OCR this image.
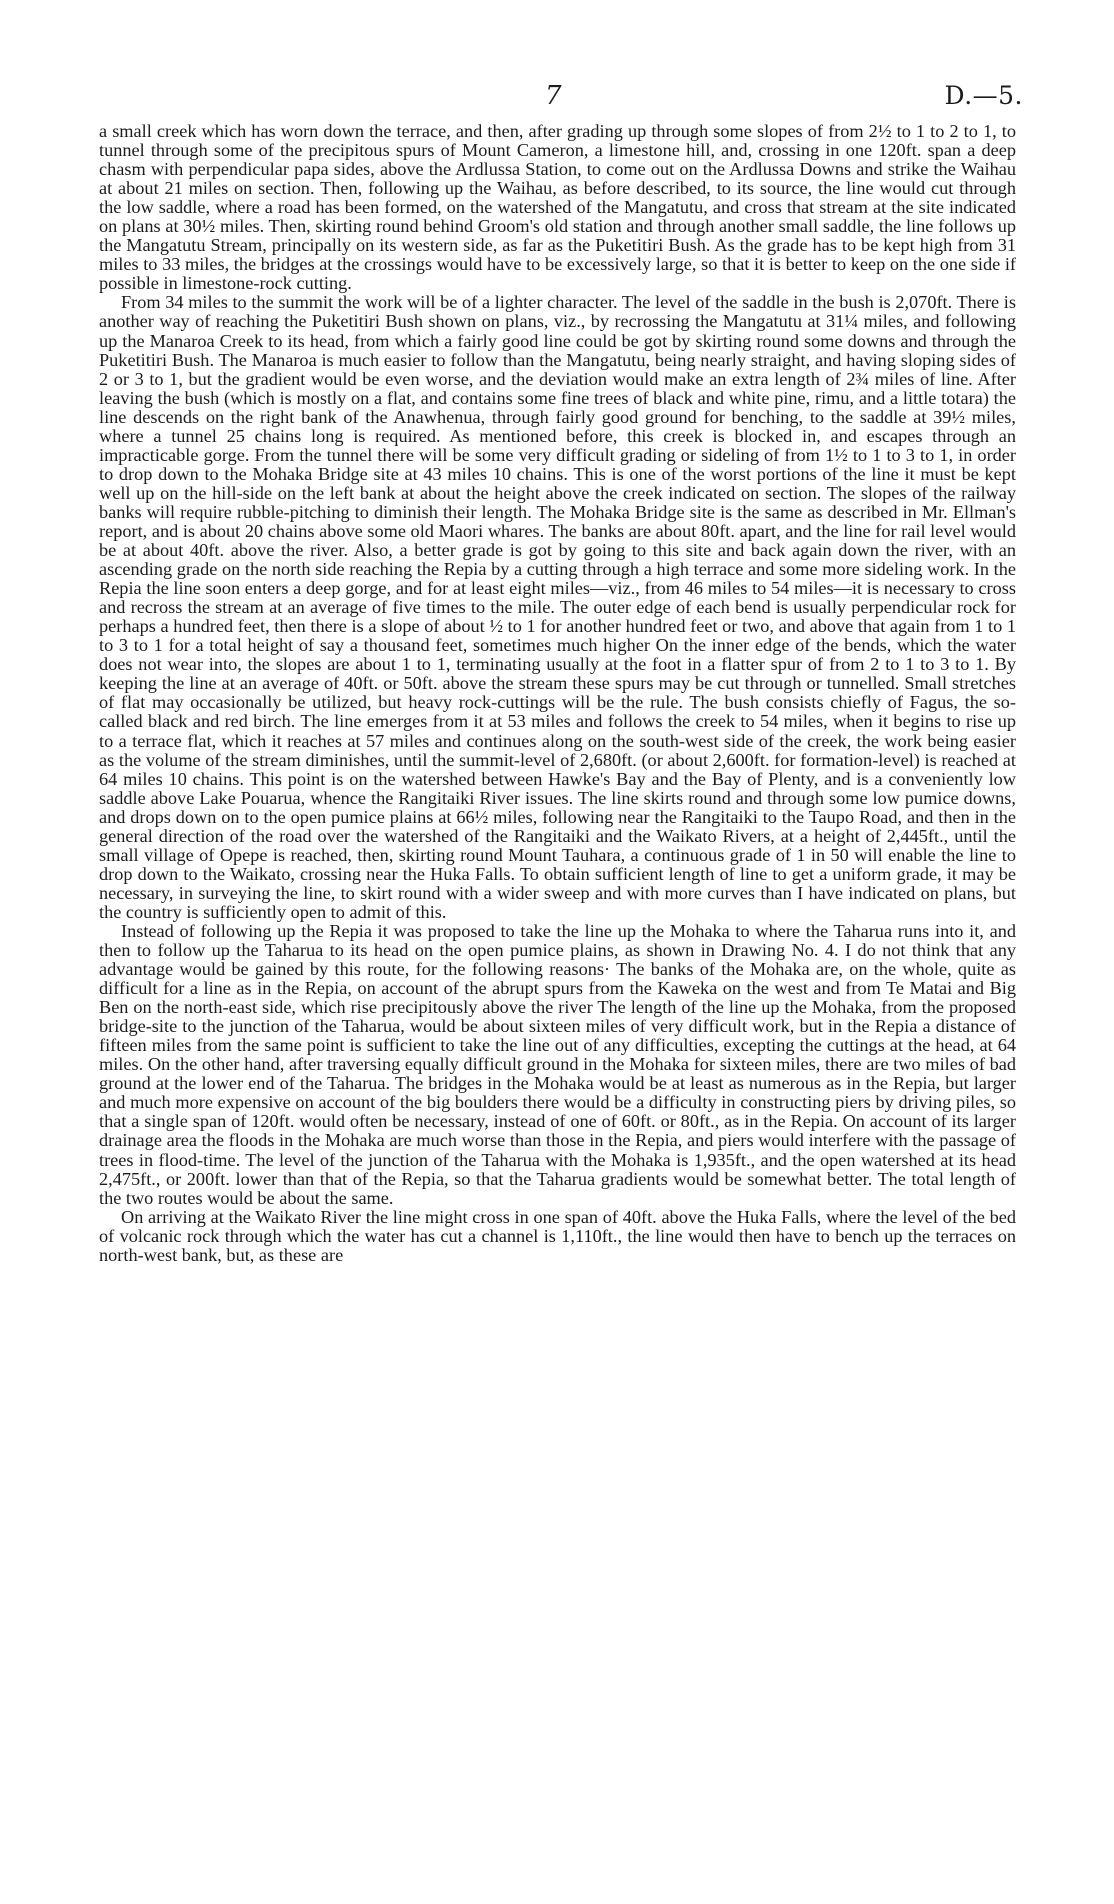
7	D.—5.

a small creek which has worn down the terrace, and then, after grading up through some slopes of from 2½ to 1 to 2 to 1, to tunnel through some of the precipitous spurs of Mount Cameron, a limestone hill, and, crossing in one 120ft. span a deep chasm with perpendicular papa sides, above the Ardlussa Station, to come out on the Ardlussa Downs and strike the Waihau at about 21 miles on section. Then, following up the Waihau, as before described, to its source, the line would cut through the low saddle, where a road has been formed, on the watershed of the Mangatutu, and cross that stream at the site indicated on plans at 30½ miles. Then, skirting round behind Groom's old station and through another small saddle, the line follows up the Mangatutu Stream, principally on its western side, as far as the Puketitiri Bush. As the grade has to be kept high from 31 miles to 33 miles, the bridges at the crossings would have to be excessively large, so that it is better to keep on the one side if possible in limestone-rock cutting.

From 34 miles to the summit the work will be of a lighter character. The level of the saddle in the bush is 2,070ft. There is another way of reaching the Puketitiri Bush shown on plans, viz., by recrossing the Mangatutu at 31¼ miles, and following up the Manaroa Creek to its head, from which a fairly good line could be got by skirting round some downs and through the Puketitiri Bush. The Manaroa is much easier to follow than the Mangatutu, being nearly straight, and having sloping sides of 2 or 3 to 1, but the gradient would be even worse, and the deviation would make an extra length of 2¾ miles of line. After leaving the bush (which is mostly on a flat, and contains some fine trees of black and white pine, rimu, and a little totara) the line descends on the right bank of the Anawhenua, through fairly good ground for benching, to the saddle at 39½ miles, where a tunnel 25 chains long is required. As mentioned before, this creek is blocked in, and escapes through an impracticable gorge. From the tunnel there will be some very difficult grading or sideling of from 1½ to 1 to 3 to 1, in order to drop down to the Mohaka Bridge site at 43 miles 10 chains. This is one of the worst portions of the line it must be kept well up on the hill-side on the left bank at about the height above the creek indicated on section. The slopes of the railway banks will require rubble-pitching to diminish their length. The Mohaka Bridge site is the same as described in Mr. Ellman's report, and is about 20 chains above some old Maori whares. The banks are about 80ft. apart, and the line for rail level would be at about 40ft. above the river. Also, a better grade is got by going to this site and back again down the river, with an ascending grade on the north side reaching the Repia by a cutting through a high terrace and some more sideling work. In the Repia the line soon enters a deep gorge, and for at least eight miles—viz., from 46 miles to 54 miles—it is necessary to cross and recross the stream at an average of five times to the mile. The outer edge of each bend is usually perpendicular rock for perhaps a hundred feet, then there is a slope of about ½ to 1 for another hundred feet or two, and above that again from 1 to 1 to 3 to 1 for a total height of say a thousand feet, sometimes much higher On the inner edge of the bends, which the water does not wear into, the slopes are about 1 to 1, terminating usually at the foot in a flatter spur of from 2 to 1 to 3 to 1. By keeping the line at an average of 40ft. or 50ft. above the stream these spurs may be cut through or tunnelled. Small stretches of flat may occasionally be utilized, but heavy rock-cuttings will be the rule. The bush consists chiefly of Fagus, the so-called black and red birch. The line emerges from it at 53 miles and follows the creek to 54 miles, when it begins to rise up to a terrace flat, which it reaches at 57 miles and continues along on the south-west side of the creek, the work being easier as the volume of the stream diminishes, until the summit-level of 2,680ft. (or about 2,600ft. for formation-level) is reached at 64 miles 10 chains. This point is on the watershed between Hawke's Bay and the Bay of Plenty, and is a conveniently low saddle above Lake Pouarua, whence the Rangitaiki River issues. The line skirts round and through some low pumice downs, and drops down on to the open pumice plains at 66½ miles, following near the Rangitaiki to the Taupo Road, and then in the general direction of the road over the watershed of the Rangitaiki and the Waikato Rivers, at a height of 2,445ft., until the small village of Opepe is reached, then, skirting round Mount Tauhara, a continuous grade of 1 in 50 will enable the line to drop down to the Waikato, crossing near the Huka Falls. To obtain sufficient length of line to get a uniform grade, it may be necessary, in surveying the line, to skirt round with a wider sweep and with more curves than I have indicated on plans, but the country is sufficiently open to admit of this.

Instead of following up the Repia it was proposed to take the line up the Mohaka to where the Taharua runs into it, and then to follow up the Taharua to its head on the open pumice plains, as shown in Drawing No. 4. I do not think that any advantage would be gained by this route, for the following reasons· The banks of the Mohaka are, on the whole, quite as difficult for a line as in the Repia, on account of the abrupt spurs from the Kaweka on the west and from Te Matai and Big Ben on the north-east side, which rise precipitously above the river The length of the line up the Mohaka, from the proposed bridge-site to the junction of the Taharua, would be about sixteen miles of very difficult work, but in the Repia a distance of fifteen miles from the same point is sufficient to take the line out of any difficulties, excepting the cuttings at the head, at 64 miles. On the other hand, after traversing equally difficult ground in the Mohaka for sixteen miles, there are two miles of bad ground at the lower end of the Taharua. The bridges in the Mohaka would be at least as numerous as in the Repia, but larger and much more expensive on account of the big boulders there would be a difficulty in constructing piers by driving piles, so that a single span of 120ft. would often be necessary, instead of one of 60ft. or 80ft., as in the Repia. On account of its larger drainage area the floods in the Mohaka are much worse than those in the Repia, and piers would interfere with the passage of trees in flood-time. The level of the junction of the Taharua with the Mohaka is 1,935ft., and the open watershed at its head 2,475ft., or 200ft. lower than that of the Repia, so that the Taharua gradients would be somewhat better. The total length of the two routes would be about the same.

On arriving at the Waikato River the line might cross in one span of 40ft. above the Huka Falls, where the level of the bed of volcanic rock through which the water has cut a channel is 1,110ft., the line would then have to bench up the terraces on north-west bank, but, as these are
